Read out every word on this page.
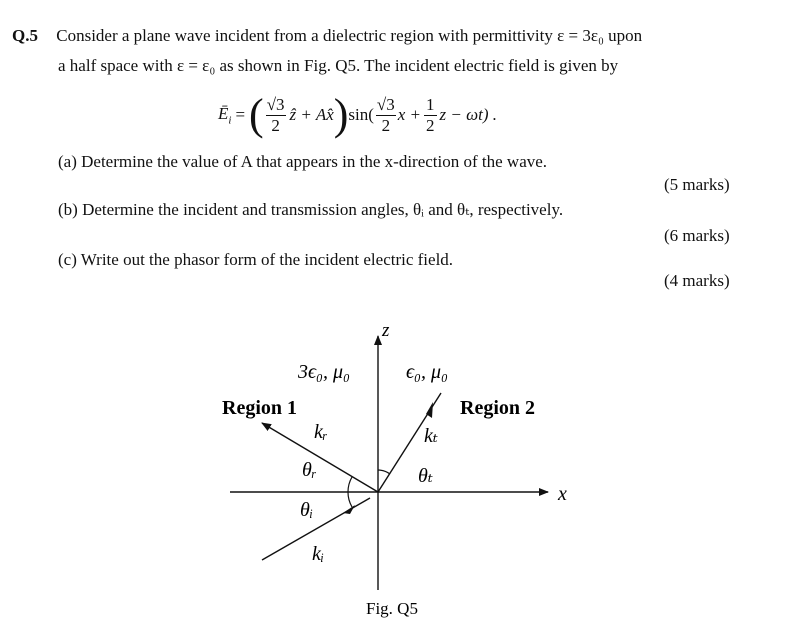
Q.5 Consider a plane wave incident from a dielectric region with permittivity ε = 3ε₀ upon
a half space with ε = ε₀ as shown in Fig. Q5. The incident electric field is given by
$Ē_i$ = ( $\frac{√3}{2}$ ẑ + Ax̂ ) $\sin( \frac{√3}{2}$ $x + \frac{1}{2}$ z − ωt) .
(a) Determine the value of A that appears in the x-direction of the wave.
(5 marks)
(b) Determine the incident and transmission angles, θᵢ and θₜ, respectively.
(6 marks)
(c) Write out the phasor form of the incident electric field.
(4 marks)
z
x
3ϵ₀, μ₀	ϵ₀, μ₀
Region 1	Region 2
kᵣ	kₜ
θᵣ	θₜ
θᵢ
kᵢ
Fig. Q5
